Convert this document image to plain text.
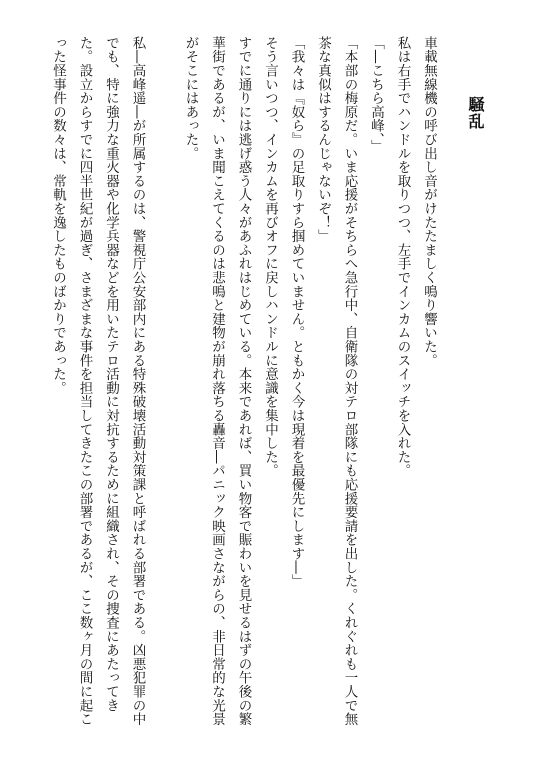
騒乱

車載無線機の呼び出し音がけたたましく鳴り響いた。

私は右手でハンドルを取りつつ、左手でインカムのスイッチを入れた。

「―こちら高峰、」

「本部の梅原だ。いま応援がそちらへ急行中、自衛隊の対テロ部隊にも応援要請を出した。くれぐれも一人で無茶な真似はするんじゃないぞ！」

「我々は『奴ら』の足取りすら掴めていません。ともかく今は現着を最優先にします―」

そう言いつつ、インカムを再びオフに戻しハンドルに意識を集中した。

すでに通りには逃げ惑う人々があふれはじめている。本来であれば、買い物客で賑わいを見せるはずの午後の繁華街であるが、いま聞こえてくるのは悲鳴と建物が崩れ落ちる轟音―パニック映画さながらの、非日常的な光景がそこにはあった。

私―高峰遥―が所属するのは、警視庁公安部内にある特殊破壊活動対策課と呼ばれる部署である。凶悪犯罪の中でも、特に強力な重火器や化学兵器などを用いたテロ活動に対抗するために組織され、その捜査にあたってきた。設立からすでに四半世紀が過ぎ、さまざまな事件を担当してきたこの部署であるが、ここ数ヶ月の間に起こった怪事件の数々は、常軌を逸したものばかりであった。
